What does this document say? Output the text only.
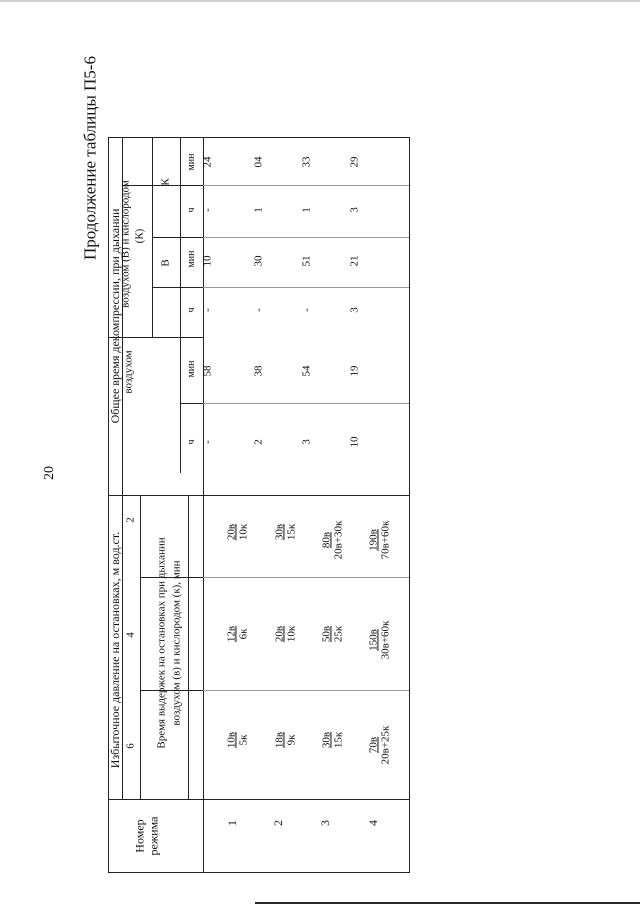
Продолжение таблицы П5-6
20
Общее время декомпрессии, при дыхании воздухом
воздухом (В) и кислородом (К)
В
К
ч
мин
ч
мин
ч
мин
Избыточное давление на остановках, м вод.ст. 6
4
2
Время выдержек на остановках при дыхании воздухом (в) и кислородом (к), мин
Номер режима	1
10в 5к
12в 6к
20в 10к
-
58
-
10
-
24
2
18в 9к
20в 10к
30в 15к
2
38
-
30
1
04
3
30в 15к
50в 25к
80в 20в+30к
3
54
-
51
1
33
4
70в 20в+25к
150в 30в+60к
190в 70в+60к
10
19
3
21
3
29
